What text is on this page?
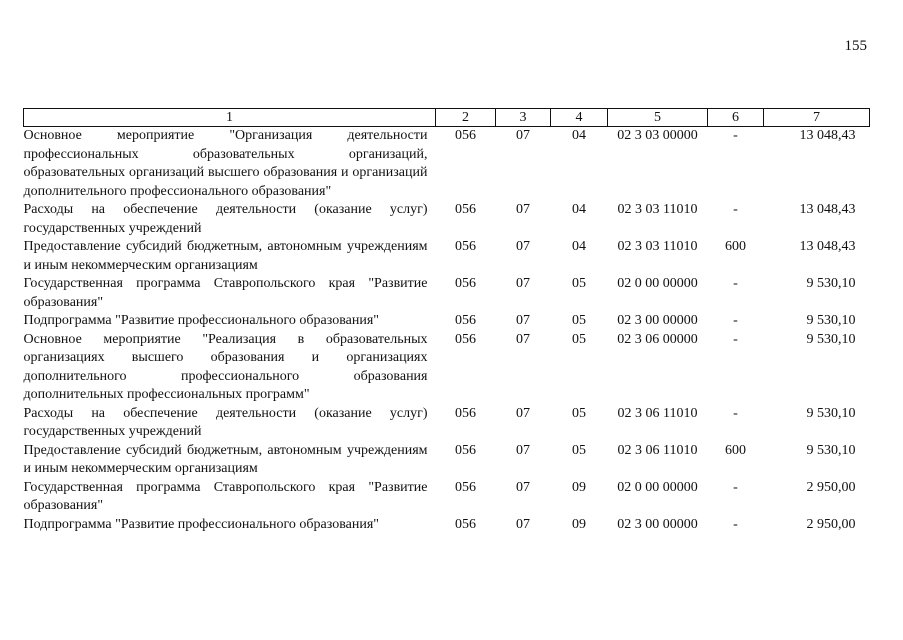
155
1	2	3	4	5	6	7
Основное мероприятие "Организация деятельности профессиональных образовательных организаций, образовательных организаций высшего образования и организаций дополнительного профессионального образования"	056	07	04	02 3 03 00000	-	13 048,43
Расходы на обеспечение деятельности (оказание услуг) государственных учреждений	056	07	04	02 3 03 11010	-	13 048,43
Предоставление субсидий бюджетным, автономным учреждениям и иным некоммерческим организациям	056	07	04	02 3 03 11010	600	13 048,43
Государственная программа Ставропольского края "Развитие образования"	056	07	05	02 0 00 00000	-	9 530,10
Подпрограмма "Развитие профессионального образования"	056	07	05	02 3 00 00000	-	9 530,10
Основное мероприятие "Реализация в образовательных организациях высшего образования и организациях дополнительного профессионального образования дополнительных профессиональных программ"	056	07	05	02 3 06 00000	-	9 530,10
Расходы на обеспечение деятельности (оказание услуг) государственных учреждений	056	07	05	02 3 06 11010	-	9 530,10
Предоставление субсидий бюджетным, автономным учреждениям и иным некоммерческим организациям	056	07	05	02 3 06 11010	600	9 530,10
Государственная программа Ставропольского края "Развитие образования"	056	07	09	02 0 00 00000	-	2 950,00
Подпрограмма "Развитие профессионального образования"	056	07	09	02 3 00 00000	-	2 950,00
